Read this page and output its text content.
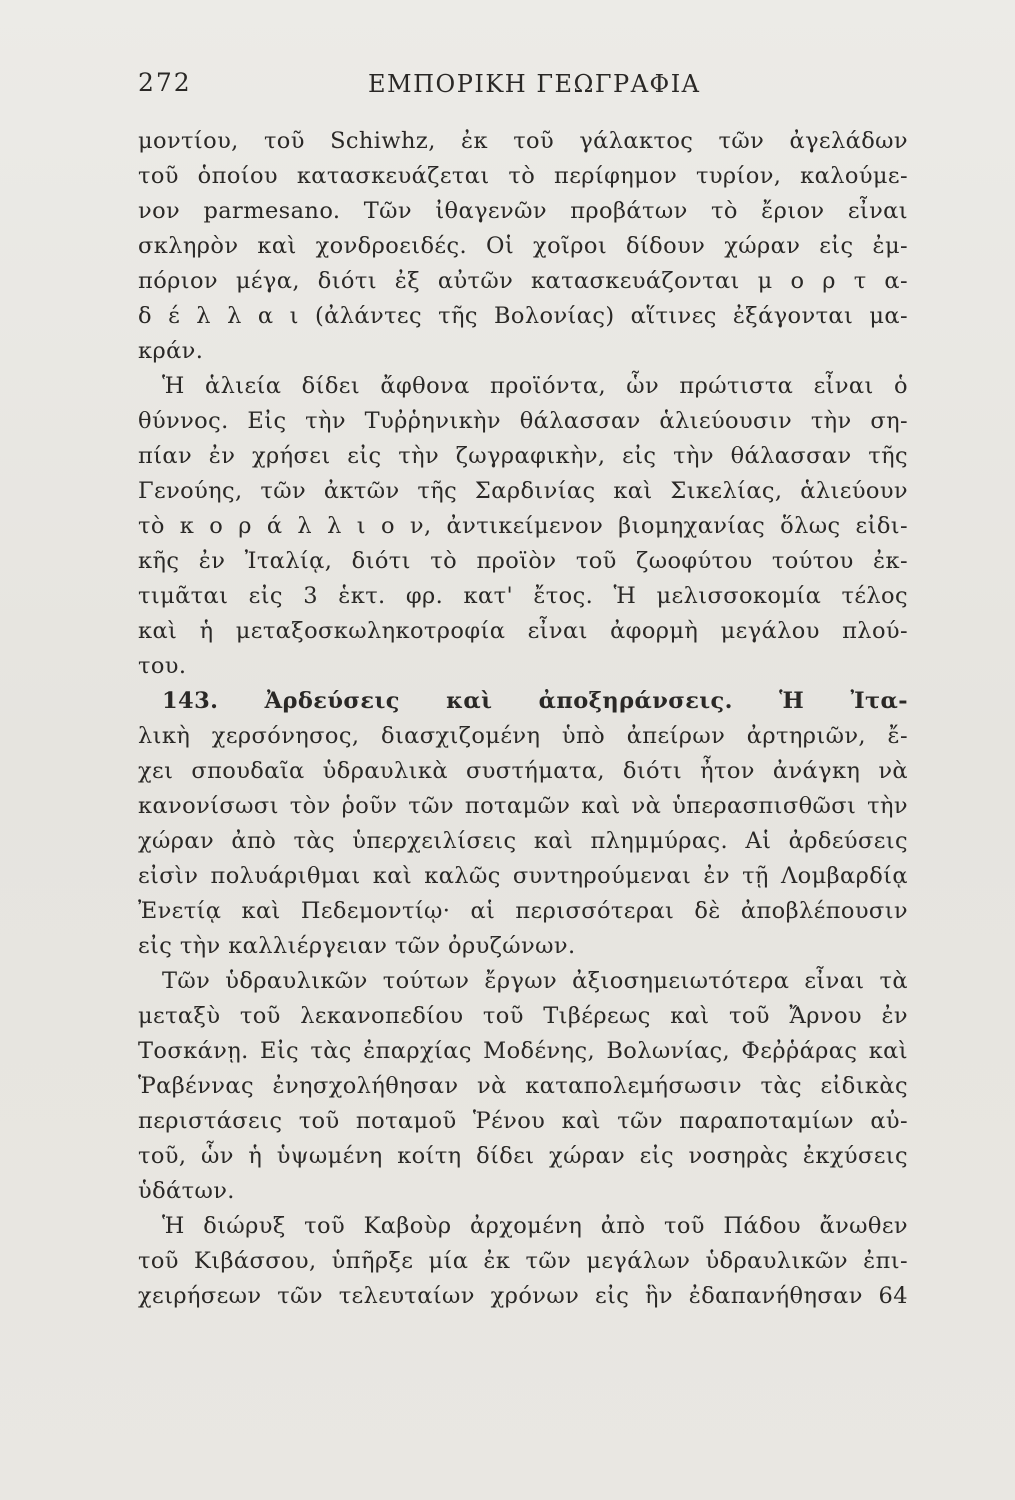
272	ΕΜΠΟΡΙΚΗ ΓΕΩΓΡΑΦΙΑ
μοντίου, τοῦ Schiwhz, ἐκ τοῦ γάλακτος τῶν ἀγελάδων
τοῦ ὁποίου κατασκευάζεται τὸ περίφημον τυρίον, καλούμε-
νον parmesano. Τῶν ἰθαγενῶν προβάτων τὸ ἔριον εἶναι
σκληρὸν καὶ χονδροειδές. Οἱ χοῖροι δίδουν χώραν εἰς ἐμ-
πόριον μέγα, διότι ἐξ αὐτῶν κατασκευάζονται μ ο ρ τ α-
δ έ λ λ α ι (ἀλάντες τῆς Βολονίας) αἵτινες ἐξάγονται μα-
κράν.
Ἡ ἁλιεία δίδει ἄφθονα προϊόντα, ὧν πρώτιστα εἶναι ὁ
θύννος. Εἰς τὴν Τυῤῥηνικὴν θάλασσαν ἁλιεύουσιν τὴν ση-
πίαν ἐν χρήσει εἰς τὴν ζωγραφικὴν, εἰς τὴν θάλασσαν τῆς
Γενούης, τῶν ἀκτῶν τῆς Σαρδινίας καὶ Σικελίας, ἁλιεύουν
τὸ κ ο ρ ά λ λ ι ο ν, ἀντικείμενον βιομηχανίας ὅλως εἰδι-
κῆς ἐν Ἰταλίᾳ, διότι τὸ προϊὸν τοῦ ζωοφύτου τούτου ἐκ-
τιμᾶται εἰς 3 ἑκτ. φρ. κατ' ἔτος. Ἡ μελισσοκομία τέλος
καὶ ἡ μεταξοσκωληκοτροφία εἶναι ἀφορμὴ μεγάλου πλού-
του.
143. Ἀρδεύσεις καὶ ἀποξηράνσεις. Ἡ Ἰτα-
λικὴ χερσόνησος, διασχιζομένη ὑπὸ ἀπείρων ἀρτηριῶν, ἔ-
χει σπουδαῖα ὑδραυλικὰ συστήματα, διότι ἦτον ἀνάγκη νὰ
κανονίσωσι τὸν ῥοῦν τῶν ποταμῶν καὶ νὰ ὑπερασπισθῶσι τὴν
χώραν ἀπὸ τὰς ὑπερχειλίσεις καὶ πλημμύρας. Αἱ ἀρδεύσεις
εἰσὶν πολυάριθμαι καὶ καλῶς συντηρούμεναι ἐν τῇ Λομβαρδίᾳ
Ἐνετίᾳ καὶ Πεδεμοντίῳ· αἱ περισσότεραι δὲ ἀποβλέπουσιν
εἰς τὴν καλλιέργειαν τῶν ὀρυζώνων.
Τῶν ὑδραυλικῶν τούτων ἔργων ἀξιοσημειωτότερα εἶναι τὰ
μεταξὺ τοῦ λεκανοπεδίου τοῦ Τιβέρεως καὶ τοῦ Ἄρνου ἐν
Τοσκάνῃ. Εἰς τὰς ἐπαρχίας Μοδένης, Βολωνίας, Φεῤῥάρας καὶ
Ῥαβέννας ἐνησχολήθησαν νὰ καταπολεμήσωσιν τὰς εἰδικὰς
περιστάσεις τοῦ ποταμοῦ Ῥένου καὶ τῶν παραποταμίων αὐ-
τοῦ, ὧν ἡ ὑψωμένη κοίτη δίδει χώραν εἰς νοσηρὰς ἐκχύσεις
ὑδάτων.
Ἡ διώρυξ τοῦ Καβοὺρ ἀρχομένη ἀπὸ τοῦ Πάδου ἄνωθεν
τοῦ Κιβάσσου, ὑπῆρξε μία ἐκ τῶν μεγάλων ὑδραυλικῶν ἐπι-
χειρήσεων τῶν τελευταίων χρόνων εἰς ἣν ἐδαπανήθησαν 64
